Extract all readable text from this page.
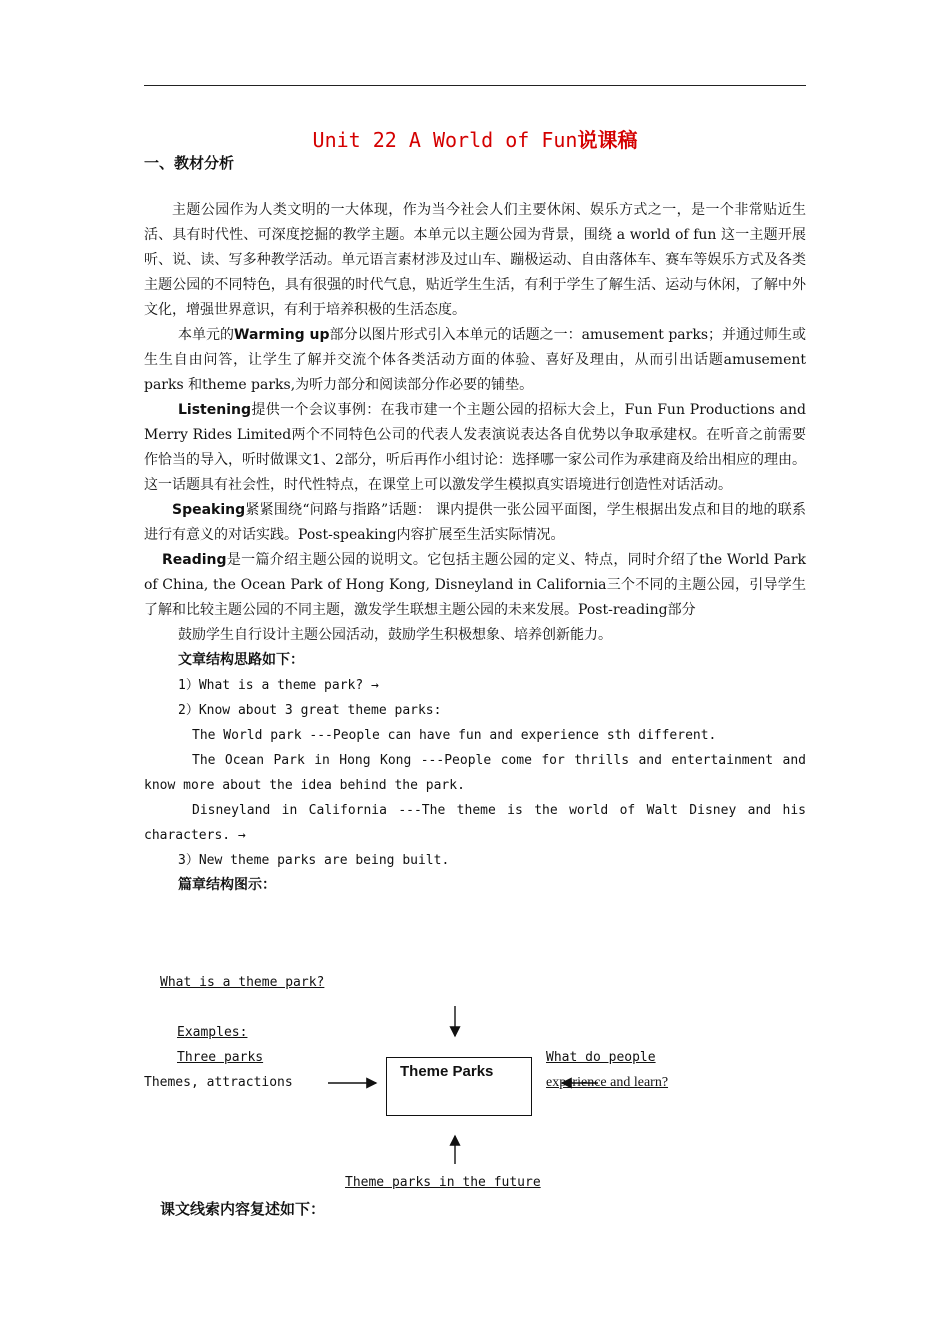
Unit 22 A World of Fun说课稿
一、教材分析

主题公园作为人类文明的一大体现，作为当今社会人们主要休闲、娱乐方式之一，是一个非常贴近生活、具有时代性、可深度挖掘的教学主题。本单元以主题公园为背景，围绕 a world of fun 这一主题开展听、说、读、写多种教学活动。单元语言素材涉及过山车、蹦极运动、自由落体车、赛车等娱乐方式及各类主题公园的不同特色，具有很强的时代气息，贴近学生生活，有利于学生了解生活、运动与休闲，了解中外文化，增强世界意识，有利于培养积极的生活态度。

本单元的Warming up部分以图片形式引入本单元的话题之一：amusement parks；并通过师生或生生自由问答，让学生了解并交流个体各类活动方面的体验、喜好及理由，从而引出话题amusement parks 和theme parks,为听力部分和阅读部分作必要的铺垫。

Listening提供一个会议事例：在我市建一个主题公园的招标大会上，Fun Fun Productions and Merry Rides Limited两个不同特色公司的代表人发表演说表达各自优势以争取承建权。在听音之前需要作恰当的导入，听时做课文1、2部分，听后再作小组讨论：选择哪一家公司作为承建商及给出相应的理由。这一话题具有社会性，时代性特点，在课堂上可以激发学生模拟真实语境进行创造性对话活动。

Speaking紧紧围绕“问路与指路”话题： 课内提供一张公园平面图，学生根据出发点和目的地的联系进行有意义的对话实践。Post-speaking内容扩展至生活实际情况。

Reading是一篇介绍主题公园的说明文。它包括主题公园的定义、特点，同时介绍了the World Park of China, the Ocean Park of Hong Kong, Disneyland in California三个不同的主题公园，引导学生了解和比较主题公园的不同主题，激发学生联想主题公园的未来发展。Post-reading部分

鼓励学生自行设计主题公园活动，鼓励学生积极想象、培养创新能力。

文章结构思路如下：

1）What is a theme park? →

2）Know about 3 great theme parks:

The World park ---People can have fun and experience sth different.

The Ocean Park in Hong Kong ---People come for thrills and entertainment and know more about the idea behind the park.

Disneyland in California ---The theme is the world of Walt Disney and his characters. →

3）New theme parks are being built.

篇章结构图示：

What is a theme park?
Examples:
Three parks
Themes, attractions
What do people
experience and learn?
Theme parks in the future
Theme Parks
课文线索内容复述如下：
